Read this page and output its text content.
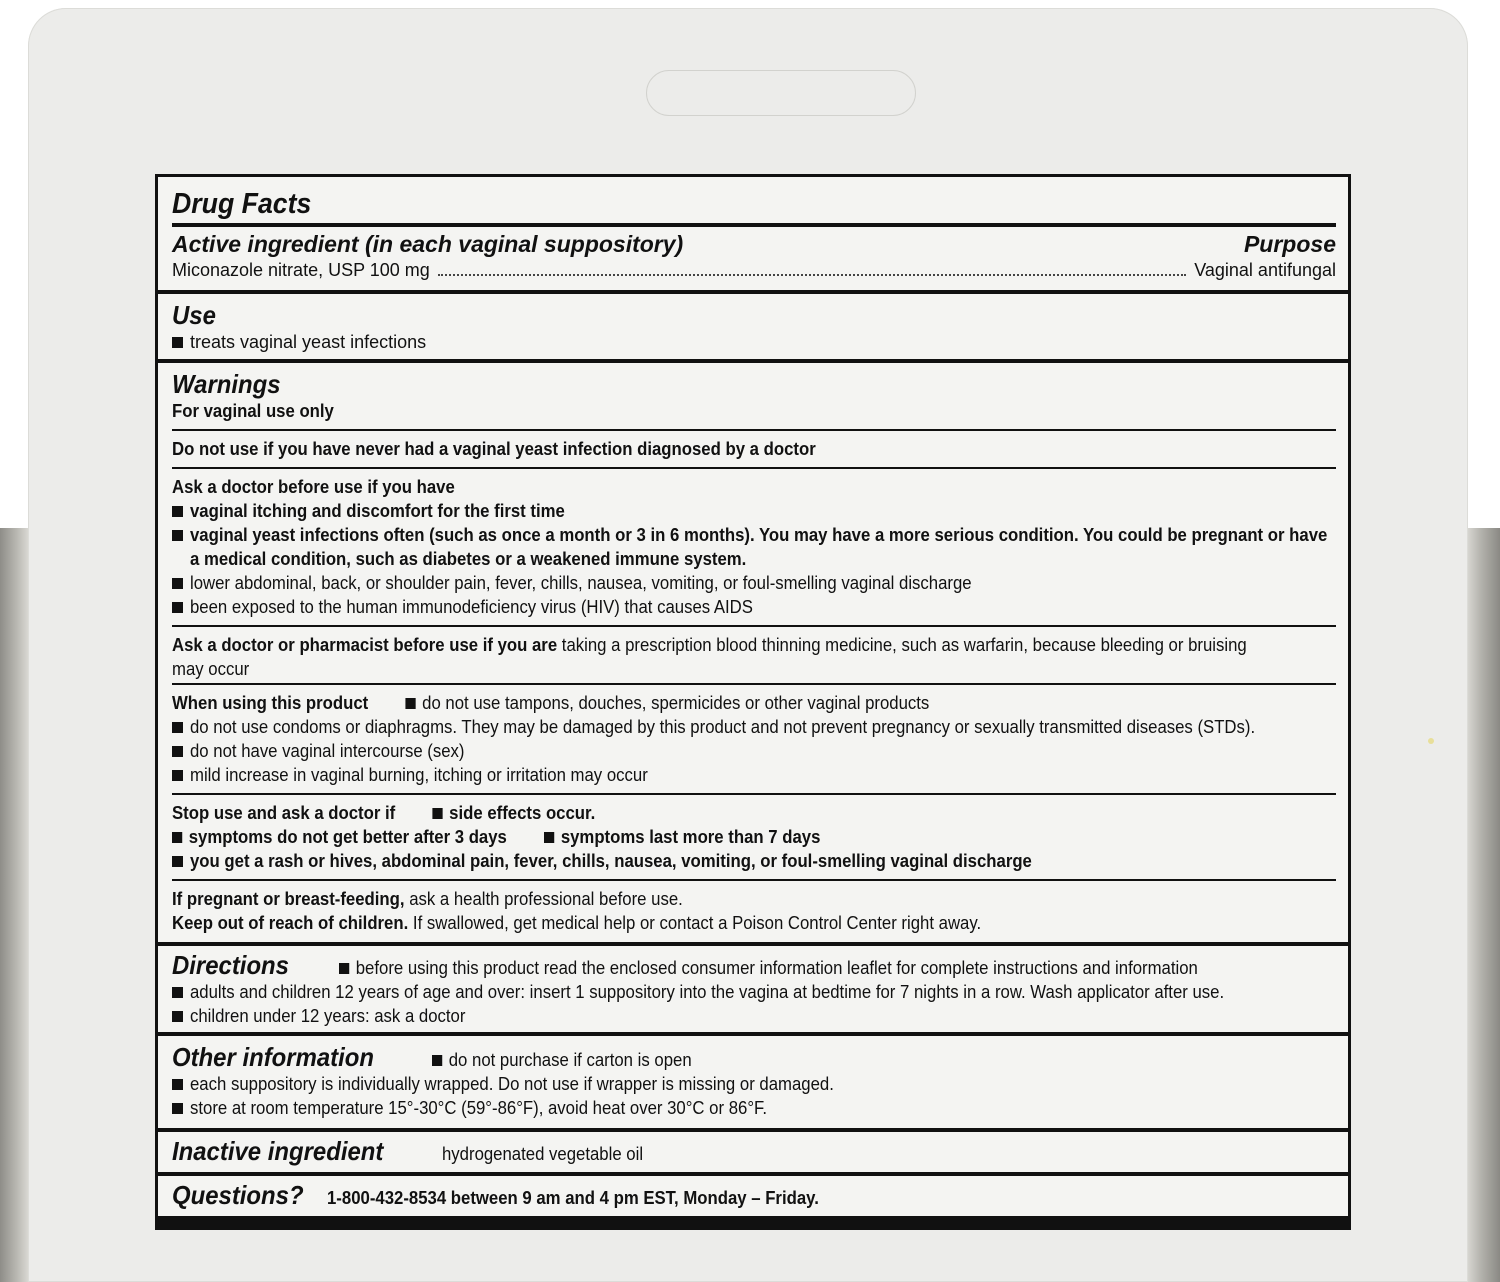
Drug Facts
Active ingredient (in each vaginal suppository)	Purpose
Miconazole nitrate, USP 100 mg	Vaginal antifungal
Use
treats vaginal yeast infections
Warnings
For vaginal use only
Do not use if you have never had a vaginal yeast infection diagnosed by a doctor
Ask a doctor before use if you have
vaginal itching and discomfort for the first time
vaginal yeast infections often (such as once a month or 3 in 6 months). You may have a more serious condition. You could be pregnant or have
a medical condition, such as diabetes or a weakened immune system.
lower abdominal, back, or shoulder pain, fever, chills, nausea, vomiting, or foul-smelling vaginal discharge
been exposed to the human immunodeficiency virus (HIV) that causes AIDS
Ask a doctor or pharmacist before use if you are taking a prescription blood thinning medicine, such as warfarin, because bleeding or bruising
may occur
When using this product	do not use tampons, douches, spermicides or other vaginal products
do not use condoms or diaphragms. They may be damaged by this product and not prevent pregnancy or sexually transmitted diseases (STDs).
do not have vaginal intercourse (sex)
mild increase in vaginal burning, itching or irritation may occur
Stop use and ask a doctor if	side effects occur.
symptoms do not get better after 3 days	symptoms last more than 7 days
you get a rash or hives, abdominal pain, fever, chills, nausea, vomiting, or foul-smelling vaginal discharge
If pregnant or breast-feeding, ask a health professional before use.
Keep out of reach of children. If swallowed, get medical help or contact a Poison Control Center right away.
Directions	before using this product read the enclosed consumer information leaflet for complete instructions and information
adults and children 12 years of age and over: insert 1 suppository into the vagina at bedtime for 7 nights in a row. Wash applicator after use.
children under 12 years: ask a doctor
Other information	do not purchase if carton is open
each suppository is individually wrapped. Do not use if wrapper is missing or damaged.
store at room temperature 15°-30°C (59°-86°F), avoid heat over 30°C or 86°F.
Inactive ingredient	hydrogenated vegetable oil
Questions? 1-800-432-8534 between 9 am and 4 pm EST, Monday – Friday.
